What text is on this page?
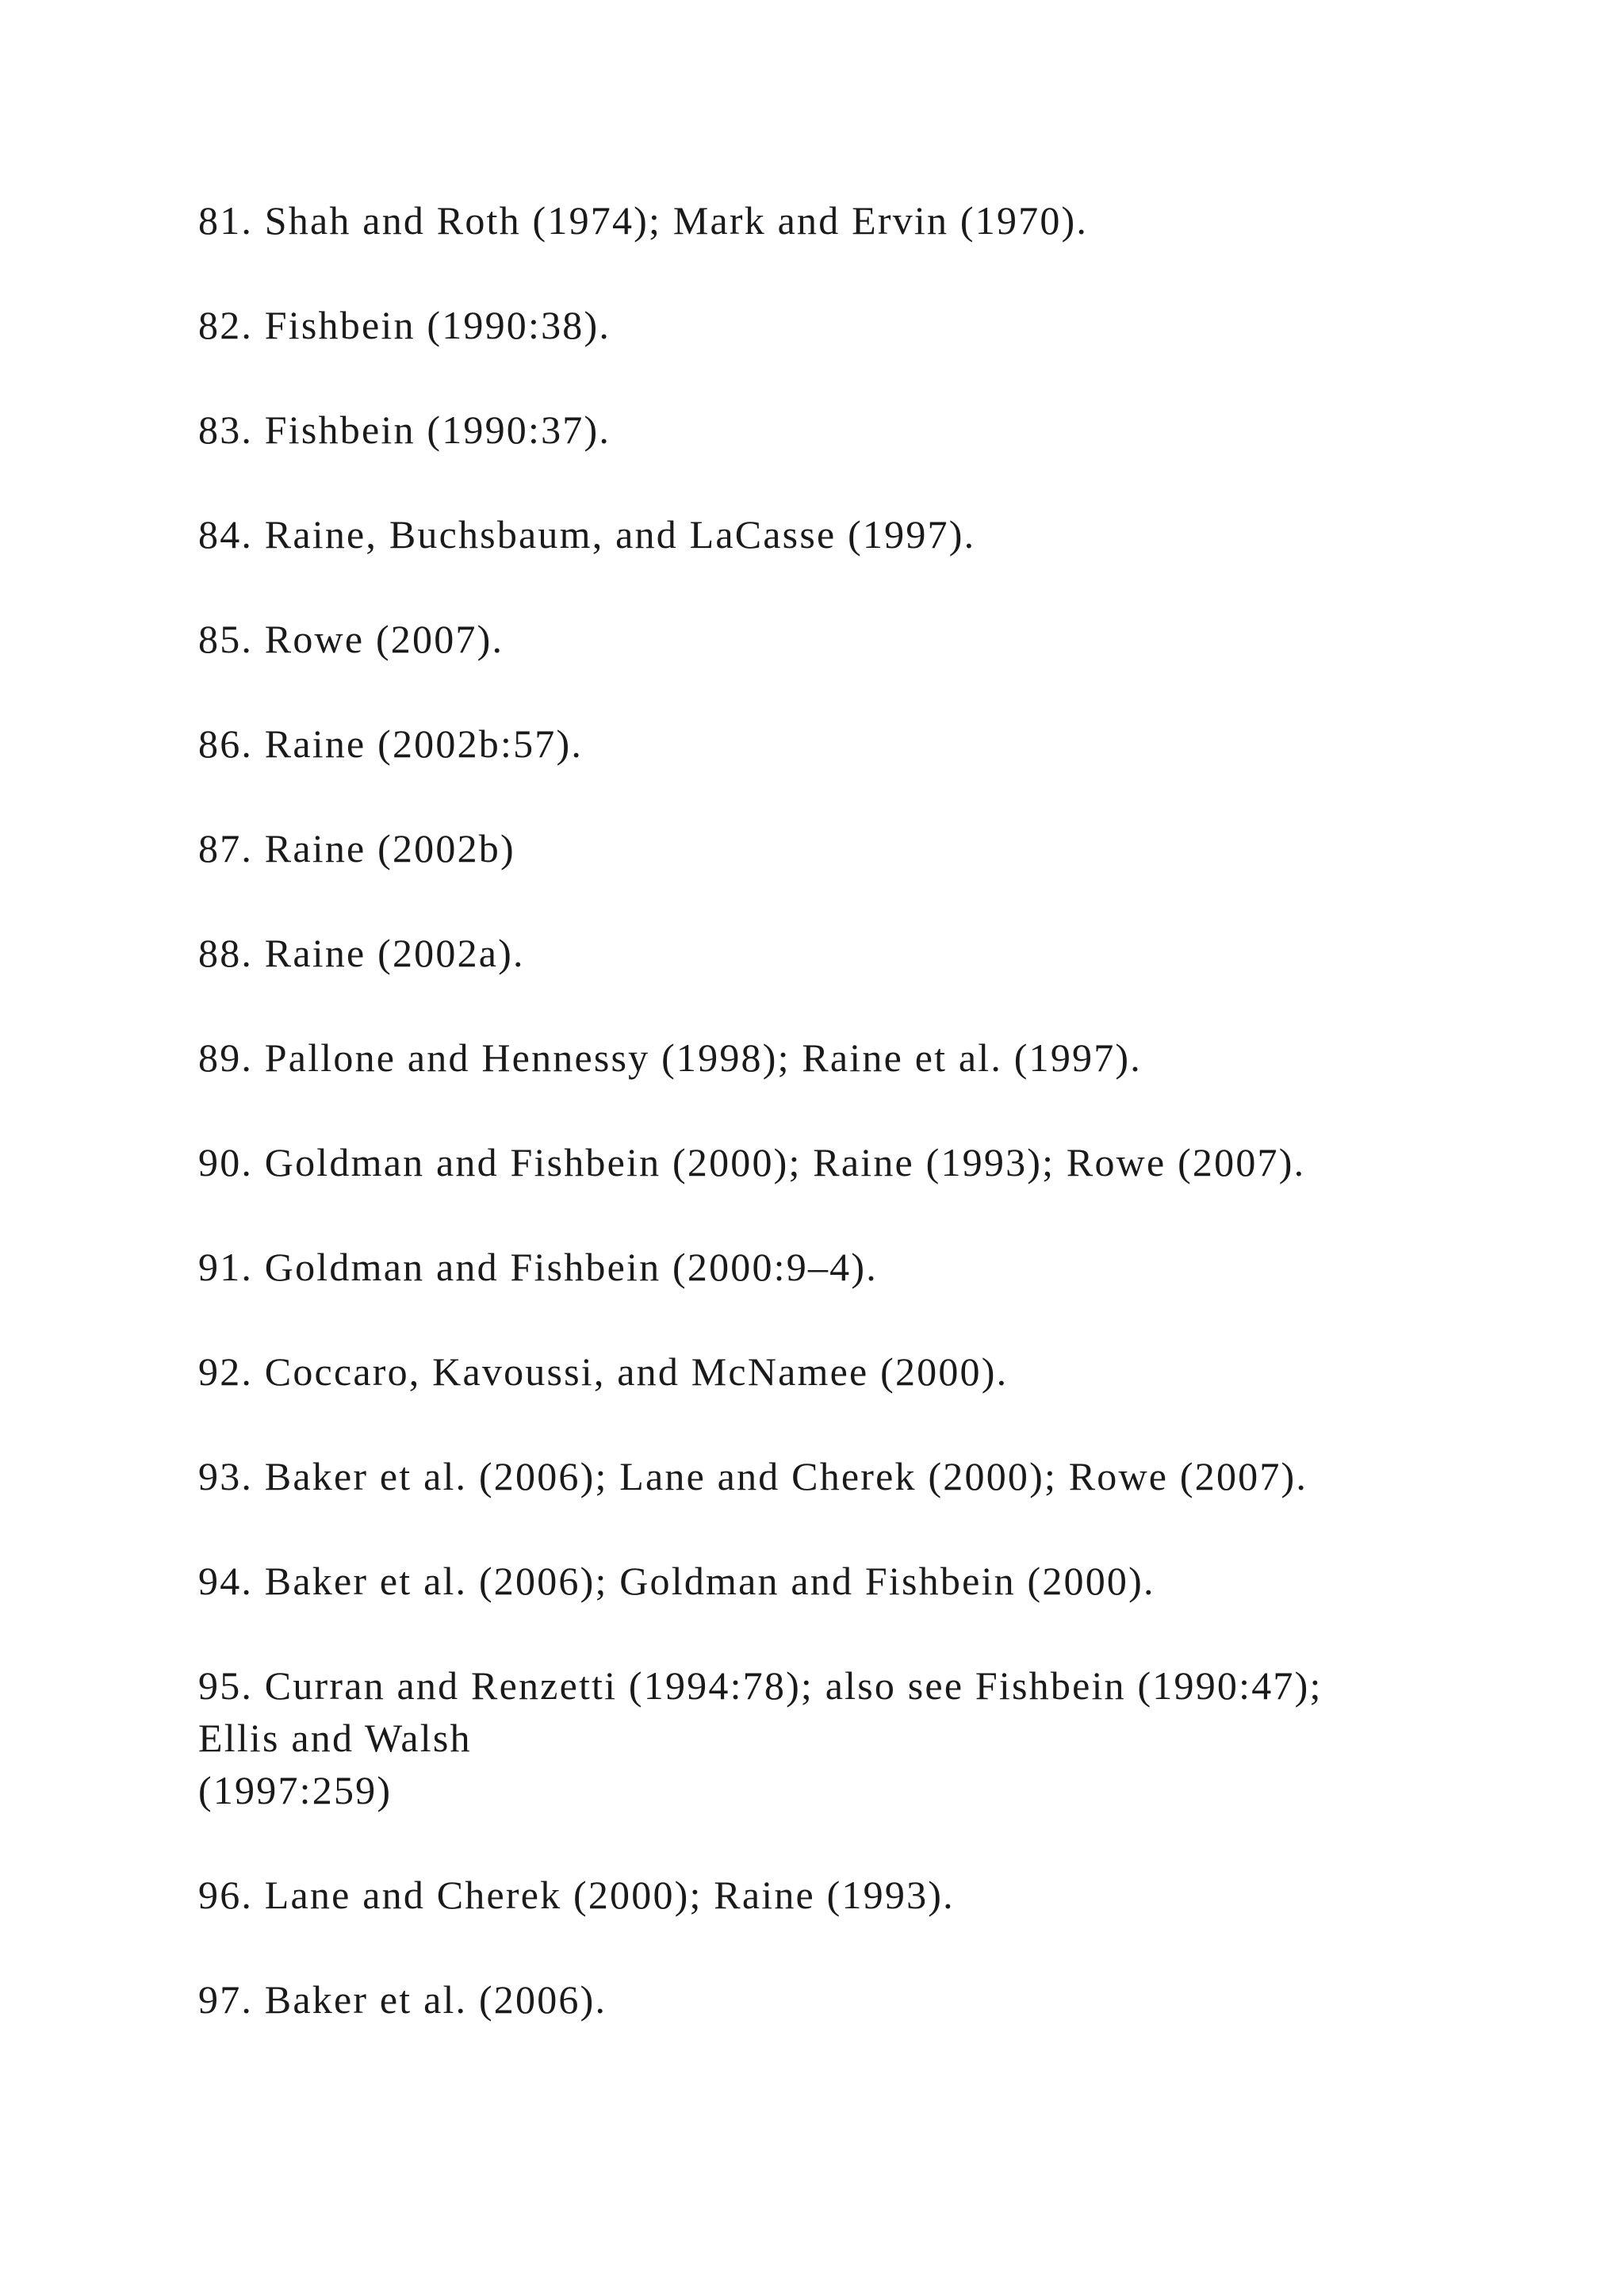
81. Shah and Roth (1974); Mark and Ervin (1970).
82. Fishbein (1990:38).
83. Fishbein (1990:37).
84. Raine, Buchsbaum, and LaCasse (1997).
85. Rowe (2007).
86. Raine (2002b:57).
87. Raine (2002b)
88. Raine (2002a).
89. Pallone and Hennessy (1998); Raine et al. (1997).
90. Goldman and Fishbein (2000); Raine (1993); Rowe (2007).
91. Goldman and Fishbein (2000:9–4).
92. Coccaro, Kavoussi, and McNamee (2000).
93. Baker et al. (2006); Lane and Cherek (2000); Rowe (2007).
94. Baker et al. (2006); Goldman and Fishbein (2000).
95. Curran and Renzetti (1994:78); also see Fishbein (1990:47);
Ellis and Walsh
(1997:259)
96. Lane and Cherek (2000); Raine (1993).
97. Baker et al. (2006).
